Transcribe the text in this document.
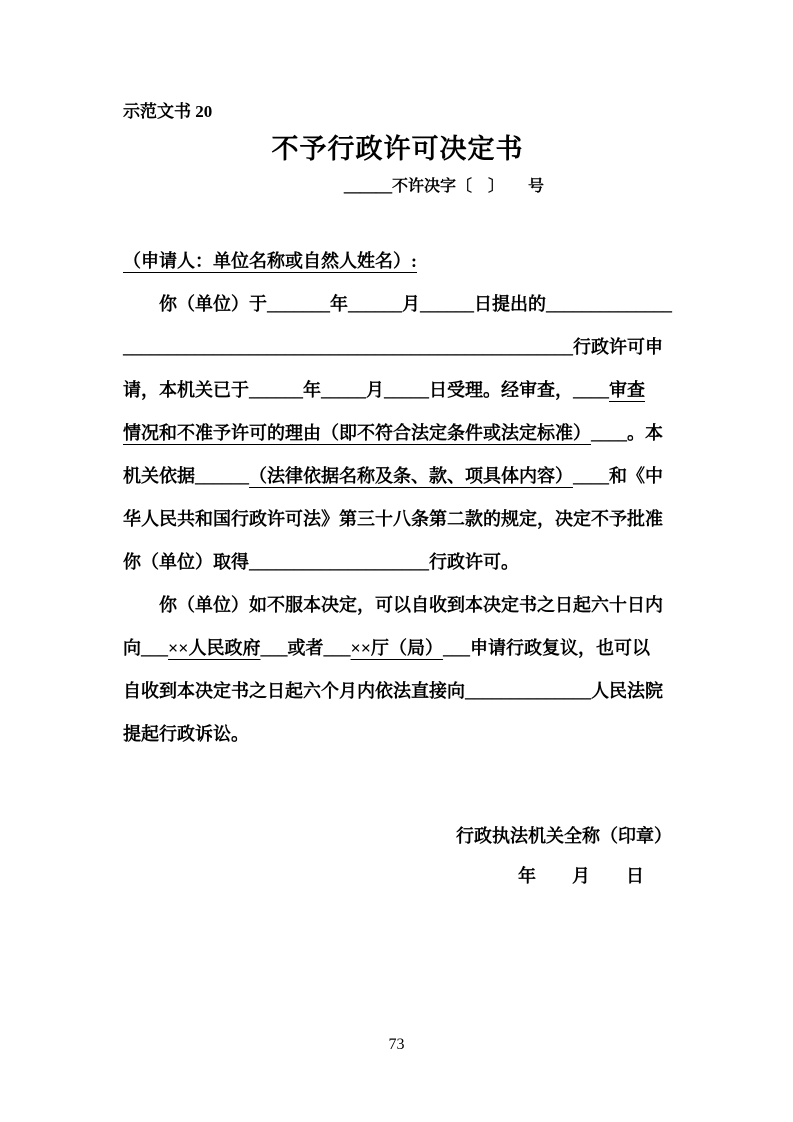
示范文书 20
不予行政许可决定书
＿＿＿不许决字〔　〕　　号
（申请人：单位名称或自然人姓名）:
　　你（单位）于_______年______月______日提出的______________
__________________________________________________行政许可申
请，本机关已于______年_____月_____日受理。经审查，____审查
情况和不准予许可的理由（即不符合法定条件或法定标准）____。本
机关依据______（法律依据名称及条、款、项具体内容）____和《中
华人民共和国行政许可法》第三十八条第二款的规定，决定不予批准
你（单位）取得____________________行政许可。
　　你（单位）如不服本决定，可以自收到本决定书之日起六十日内
向___××人民政府___或者___××厅（局）___申请行政复议，也可以
自收到本决定书之日起六个月内依法直接向______________人民法院
提起行政诉讼。
行政执法机关全称（印章）
年　　月　　日
73
